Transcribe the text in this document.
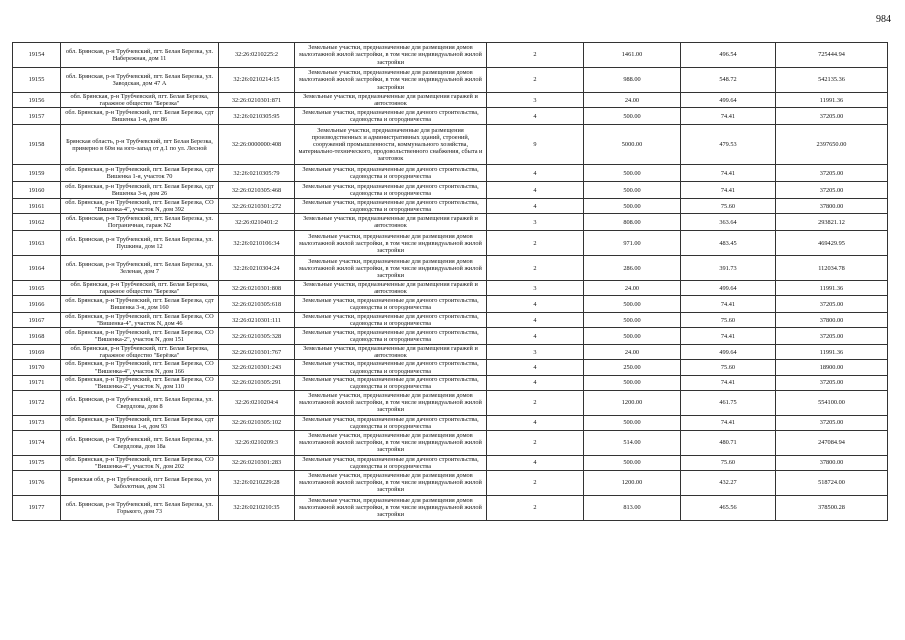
984
19154	обл. Брянская, р-н Трубчевский, пгт. Белая Березка, ул. Набережная, дом 11	32:26:0210225:2	Земельные участки, предназначенные для размещения домов малоэтажной жилой застройки, в том числе индивидуальной жилой застройки	2	1461.00	496.54	725444.94
19155	обл. Брянская, р-н Трубчевский, пгт. Белая Березка, ул. Заводская, дом 47 А	32:26:0210214:15	Земельные участки, предназначенные для размещения домов малоэтажной жилой застройки, в том числе индивидуальной жилой застройки	2	988.00	548.72	542135.36
19156	обл. Брянская, р-н Трубчевский, пгт. Белая Березка, гаражное общество "Березка"	32:26:0210301:871	Земельные участки, предназначенные для размещения гаражей и автостоянок	3	24.00	499.64	11991.36
19157	обл. Брянская, р-н Трубчевский, пгт. Белая Березка, сдт Вишенка 1-я, дом 86	32:26:0210305:95	Земельные участки, предназначенные для дачного строительства, садоводства и огородничества	4	500.00	74.41	37205.00
19158	Брянская область, р-н Трубчевский, пгт Белая Березка, примерно в 60м на юго-запад от д.1 по ул. Лесной	32:26:0000000:408	Земельные участки, предназначенные для размещения производственных и административных зданий, строений, сооружений промышленности, коммунального хозяйства, материально-технического, продовольственного снабжения, сбыта и заготовок	9	5000.00	479.53	2397650.00
19159	обл. Брянская, р-н Трубчевский, пгт. Белая Березка, сдт Вишенка 1-я, участок 70	32:26:0210305:79	Земельные участки, предназначенные для дачного строительства, садоводства и огородничества	4	500.00	74.41	37205.00
19160	обл. Брянская, р-н Трубчевский, пгт. Белая Березка, сдт Вишенка 3-я, дом 26	32:26:0210305:468	Земельные участки, предназначенные для дачного строительства, садоводства и огородничества	4	500.00	74.41	37205.00
19161	обл. Брянская, р-н Трубчевский, пгт. Белая Березка, СО "Вишенка-4", участок N, дом 392	32:26:0210301:272	Земельные участки, предназначенные для дачного строительства, садоводства и огородничества	4	500.00	75.60	37800.00
19162	обл. Брянская, р-н Трубчевский, пгт. Белая Березка, ул. Пограничная, гараж N2	32:26:0210401:2	Земельные участки, предназначенные для размещения гаражей и автостоянок	3	808.00	363.64	293821.12
19163	обл. Брянская, р-н Трубчевский, пгт. Белая Березка, ул. Пушкина, дом 12	32:26:0210106:34	Земельные участки, предназначенные для размещения домов малоэтажной жилой застройки, в том числе индивидуальной жилой застройки	2	971.00	483.45	469429.95
19164	обл. Брянская, р-н Трубчевский, пгт. Белая Березка, ул. Зеленая, дом 7	32:26:0210304:24	Земельные участки, предназначенные для размещения домов малоэтажной жилой застройки, в том числе индивидуальной жилой застройки	2	286.00	391.73	112034.78
19165	обл. Брянская, р-н Трубчевский, пгт. Белая Березка, гаражное общество "Березка"	32:26:0210301:808	Земельные участки, предназначенные для размещения гаражей и автостоянок	3	24.00	499.64	11991.36
19166	обл. Брянская, р-н Трубчевский, пгт. Белая Березка, сдт Вишенка 3-я, дом 160	32:26:0210305:618	Земельные участки, предназначенные для дачного строительства, садоводства и огородничества	4	500.00	74.41	37205.00
19167	обл. Брянская, р-н Трубчевский, пгт. Белая Березка, СО "Вишенка-4", участок N, дом 46	32:26:0210301:111	Земельные участки, предназначенные для дачного строительства, садоводства и огородничества	4	500.00	75.60	37800.00
19168	обл. Брянская, р-н Трубчевский, пгт. Белая Березка, СО "Вишенка-2", участок N, дом 151	32:26:0210305:328	Земельные участки, предназначенные для дачного строительства, садоводства и огородничества	4	500.00	74.41	37205.00
19169	обл. Брянская, р-н Трубчевский, пгт. Белая Березка, гаражное общество "Берёзка"	32:26:0210301:767	Земельные участки, предназначенные для размещения гаражей и автостоянок	3	24.00	499.64	11991.36
19170	обл. Брянская, р-н Трубчевский, пгт. Белая Березка, СО "Вишенка-4", участок N, дом 166	32:26:0210301:243	Земельные участки, предназначенные для дачного строительства, садоводства и огородничества	4	250.00	75.60	18900.00
19171	обл. Брянская, р-н Трубчевский, пгт. Белая Березка, СО "Вишенка-2", участок N, дом 110	32:26:0210305:291	Земельные участки, предназначенные для дачного строительства, садоводства и огородничества	4	500.00	74.41	37205.00
19172	обл. Брянская, р-н Трубчевский, пгт. Белая Березка, ул. Свердлова, дом 8	32:26:0210204:4	Земельные участки, предназначенные для размещения домов малоэтажной жилой застройки, в том числе индивидуальной жилой застройки	2	1200.00	461.75	554100.00
19173	обл. Брянская, р-н Трубчевский, пгт. Белая Березка, сдт Вишенка 1-я, дом 93	32:26:0210305:102	Земельные участки, предназначенные для дачного строительства, садоводства и огородничества	4	500.00	74.41	37205.00
19174	обл. Брянская, р-н Трубчевский, пгт. Белая Березка, ул. Свердлова, дом 18а	32:26:0210209:3	Земельные участки, предназначенные для размещения домов малоэтажной жилой застройки, в том числе индивидуальной жилой застройки	2	514.00	480.71	247084.94
19175	обл. Брянская, р-н Трубчевский, пгт. Белая Березка, СО "Вишенка-4", участок N, дом 202	32:26:0210301:283	Земельные участки, предназначенные для дачного строительства, садоводства и огородничества	4	500.00	75.60	37800.00
19176	Брянская обл, р-н Трубчевский, пгт Белая Березка, ул Заболотная, дом 31	32:26:0210229:28	Земельные участки, предназначенные для размещения домов малоэтажной жилой застройки, в том числе индивидуальной жилой застройки	2	1200.00	432.27	518724.00
19177	обл. Брянская, р-н Трубчевский, пгт. Белая Березка, ул. Горького, дом 73	32:26:0210210:35	Земельные участки, предназначенные для размещения домов малоэтажной жилой застройки, в том числе индивидуальной жилой застройки	2	813.00	465.56	378500.28
